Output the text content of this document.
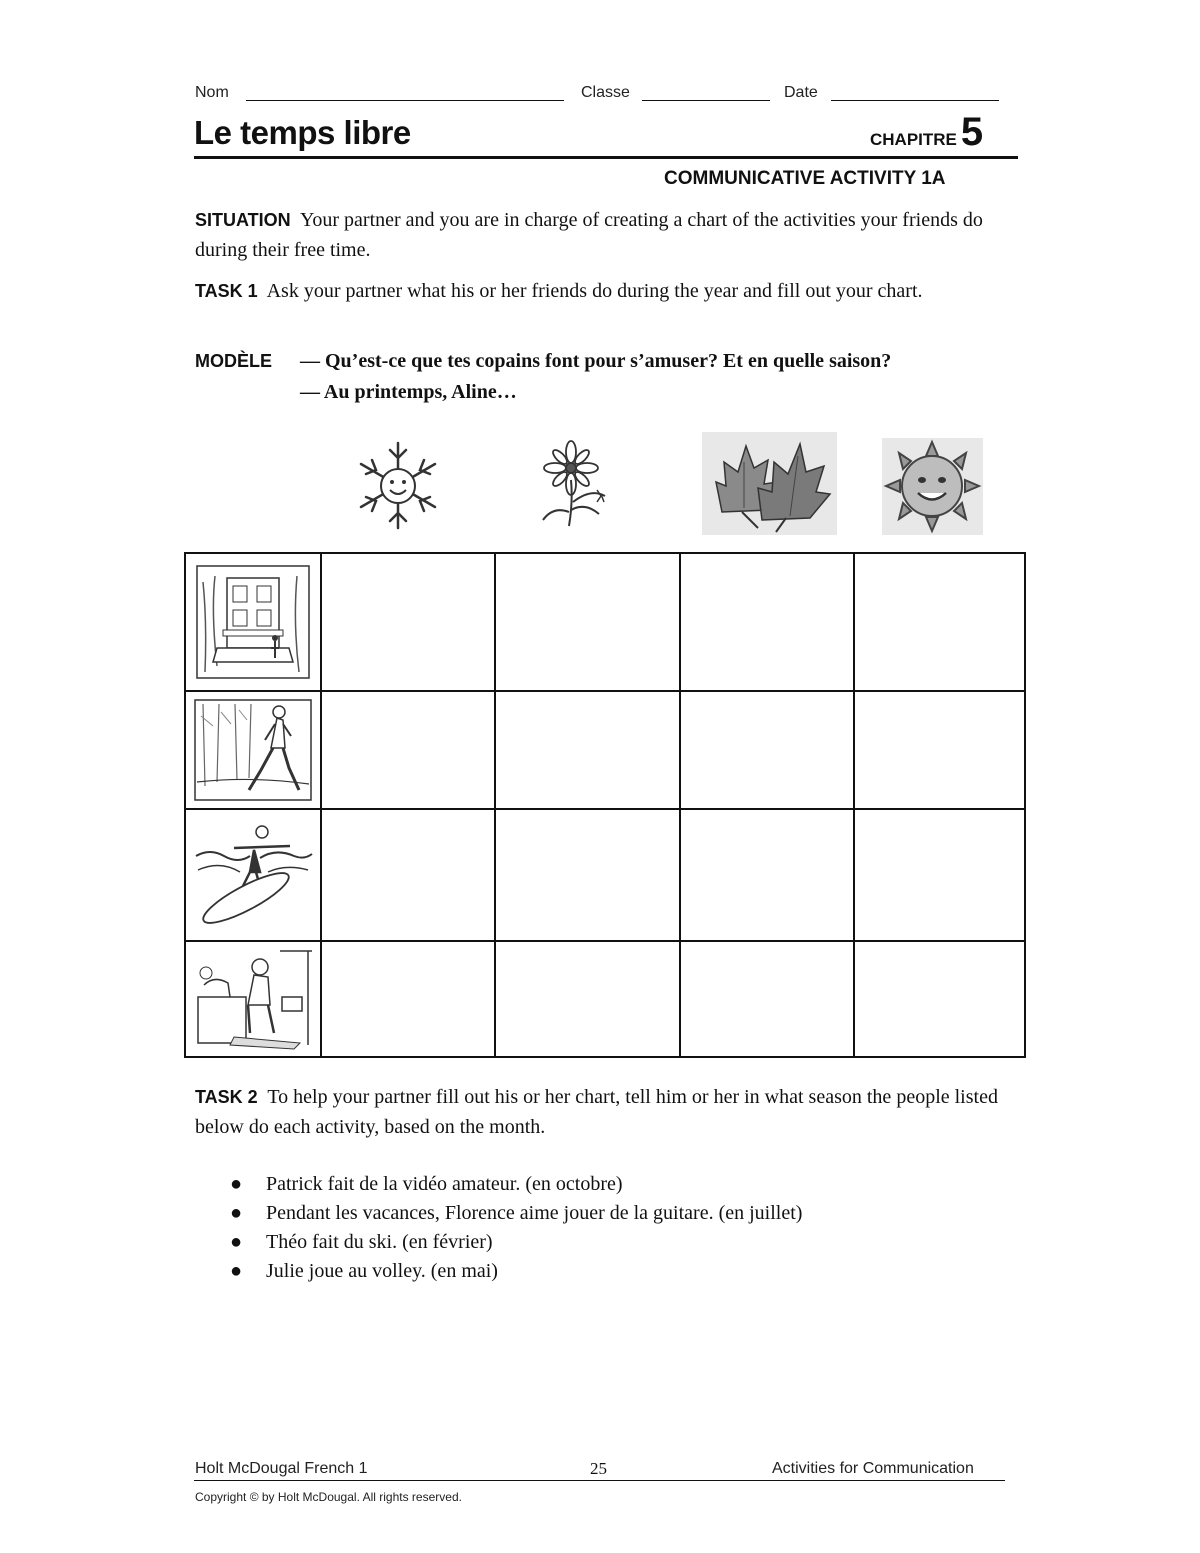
Nom	Classe	Date
Le temps libre	CHAPITRE 5
COMMUNICATIVE ACTIVITY 1A
SITUATION Your partner and you are in charge of creating a chart of the activities your friends do during their free time.
TASK 1 Ask your partner what his or her friends do during the year and fill out your chart.
MODÈLE — Qu’est-ce que tes copains font pour s’amuser? Et en quelle saison?
— Au printemps, Aline…

TASK 2 To help your partner fill out his or her chart, tell him or her in what season the people listed below do each activity, based on the month.
● Patrick fait de la vidéo amateur. (en octobre)
● Pendant les vacances, Florence aime jouer de la guitare. (en juillet)
● Théo fait du ski. (en février)
● Julie joue au volley. (en mai)
Holt McDougal French 1	25	Activities for Communication
Copyright © by Holt McDougal. All rights reserved.
